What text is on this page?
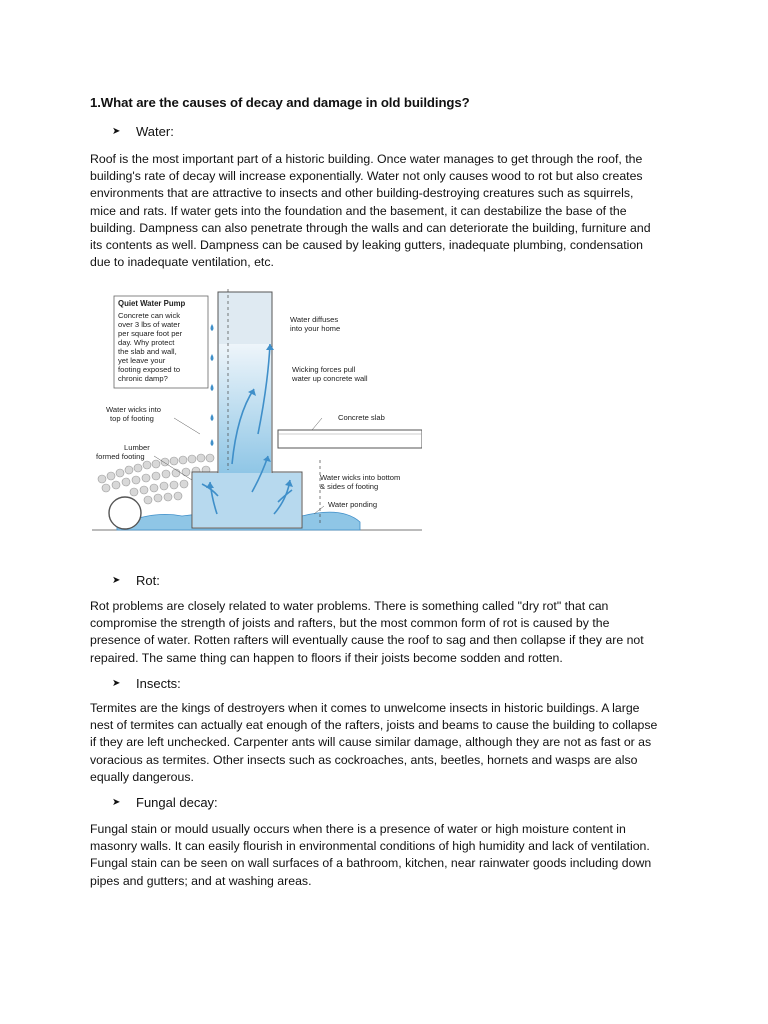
1.What are the causes of decay and damage in old buildings?
➤	Water:

Roof is the most important part of a historic building. Once water manages to get through the roof, the
building's rate of decay will increase exponentially. Water not only causes wood to rot but also creates
environments that are attractive to insects and other building-destroying creatures such as squirrels,
mice and rats. If water gets into the foundation and the basement, it can destabilize the base of the
building. Dampness can also penetrate through the walls and can deteriorate the building, furniture and
its contents as well. Dampness can be caused by leaking gutters, inadequate plumbing, condensation
due to inadequate ventilation, etc.

Quiet Water Pump
Concrete can wick
over 3 lbs of water
per square foot per
day. Why protect
the slab and wall,
yet leave your
footing exposed to
chronic damp?
Water diffuses
into your home
Wicking forces pull
water up concrete wall
Concrete slab
Water wicks into
top of footing
Lumber
formed footing
Water wicks into bottom
& sides of footing
Water ponding
➤	Rot:

Rot problems are closely related to water problems. There is something called "dry rot" that can
compromise the strength of joists and rafters, but the most common form of rot is caused by the
presence of water. Rotten rafters will eventually cause the roof to sag and then collapse if they are not
repaired. The same thing can happen to floors if their joists become sodden and rotten.

➤	Insects:

Termites are the kings of destroyers when it comes to unwelcome insects in historic buildings. A large
nest of termites can actually eat enough of the rafters, joists and beams to cause the building to collapse
if they are left unchecked. Carpenter ants will cause similar damage, although they are not as fast or as
voracious as termites. Other insects such as cockroaches, ants, beetles, hornets and wasps are also
equally dangerous.

➤	Fungal decay:

Fungal stain or mould usually occurs when there is a presence of water or high moisture content in
masonry walls. It can easily flourish in environmental conditions of high humidity and lack of ventilation.
Fungal stain can be seen on wall surfaces of a bathroom, kitchen, near rainwater goods including down
pipes and gutters; and at washing areas.
